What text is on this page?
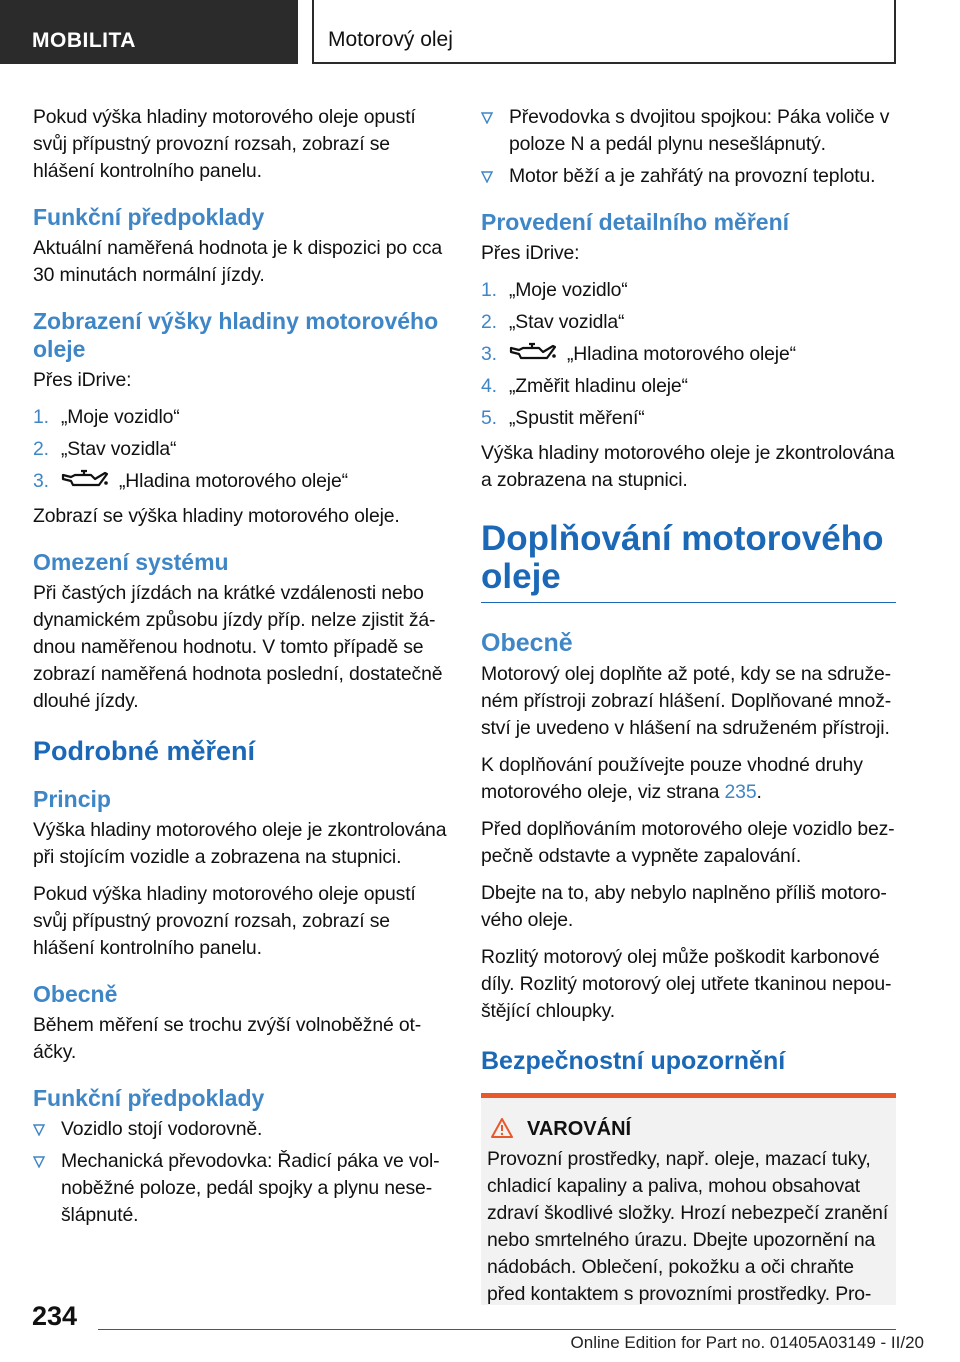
MOBILITA	Motorový olej

Pokud výška hladiny motorového oleje opustí svůj přípustný provozní rozsah, zobrazí se hlášení kontrolního panelu.

Funkční předpoklady

Aktuální naměřená hodnota je k dispozici po cca 30 minutách normální jízdy.

Zobrazení výšky hladiny motorového oleje

Přes iDrive:

1. „Moje vozidlo“
2. „Stav vozidla“
3.	„Hladina motorového oleje“

Zobrazí se výška hladiny motorového oleje.

Omezení systému

Při častých jízdách na krátké vzdálenosti nebo dynamickém způsobu jízdy příp. nelze zjistit žá-dnou naměřenou hodnotu. V tomto případě se zobrazí naměřená hodnota poslední, dostatečně dlouhé jízdy.

Podrobné měření
Princip

Výška hladiny motorového oleje je zkontrolována při stojícím vozidle a zobrazena na stupnici.

Pokud výška hladiny motorového oleje opustí svůj přípustný provozní rozsah, zobrazí se hlášení kontrolního panelu.

Obecně

Během měření se trochu zvýší volnoběžné ot-áčky.

Funkční předpoklady
Vozidlo stojí vodorovně.
Mechanická převodovka: Řadicí páka ve vol-noběžné poloze, pedál spojky a plynu nese-šlápnuté.
Převodovka s dvojitou spojkou: Páka voliče v poloze N a pedál plynu nesešlápnutý.
Motor běží a je zahřátý na provozní teplotu.
Provedení detailního měření

Přes iDrive:

1. „Moje vozidlo“
2. „Stav vozidla“
3.	„Hladina motorového oleje“
4. „Změřit hladinu oleje“
5. „Spustit měření“

Výška hladiny motorového oleje je zkontrolována a zobrazena na stupnici.

Doplňování motorového oleje
Obecně

Motorový olej doplňte až poté, kdy se na sdruže-ném přístroji zobrazí hlášení. Doplňované množ-ství je uvedeno v hlášení na sdruženém přístroji.

K doplňování používejte pouze vhodné druhy motorového oleje, viz strana 235.

Před doplňováním motorového oleje vozidlo bez-pečně odstavte a vypněte zapalování.

Dbejte na to, aby nebylo naplněno příliš motoro-vého oleje.

Rozlitý motorový olej může poškodit karbonové díly. Rozlitý motorový olej utřete tkaninou nepou-štějící chloupky.

Bezpečnostní upozornění
VAROVÁNÍ

Provozní prostředky, např. oleje, mazací tuky, chladicí kapaliny a paliva, mohou obsahovat zdraví škodlivé složky. Hrozí nebezpečí zranění nebo smrtelného úrazu. Dbejte upozornění na nádobách. Oblečení, pokožku a oči chraňte před kontaktem s provozními prostředky. Pro-

234
Online Edition for Part no. 01405A03149 - II/20
